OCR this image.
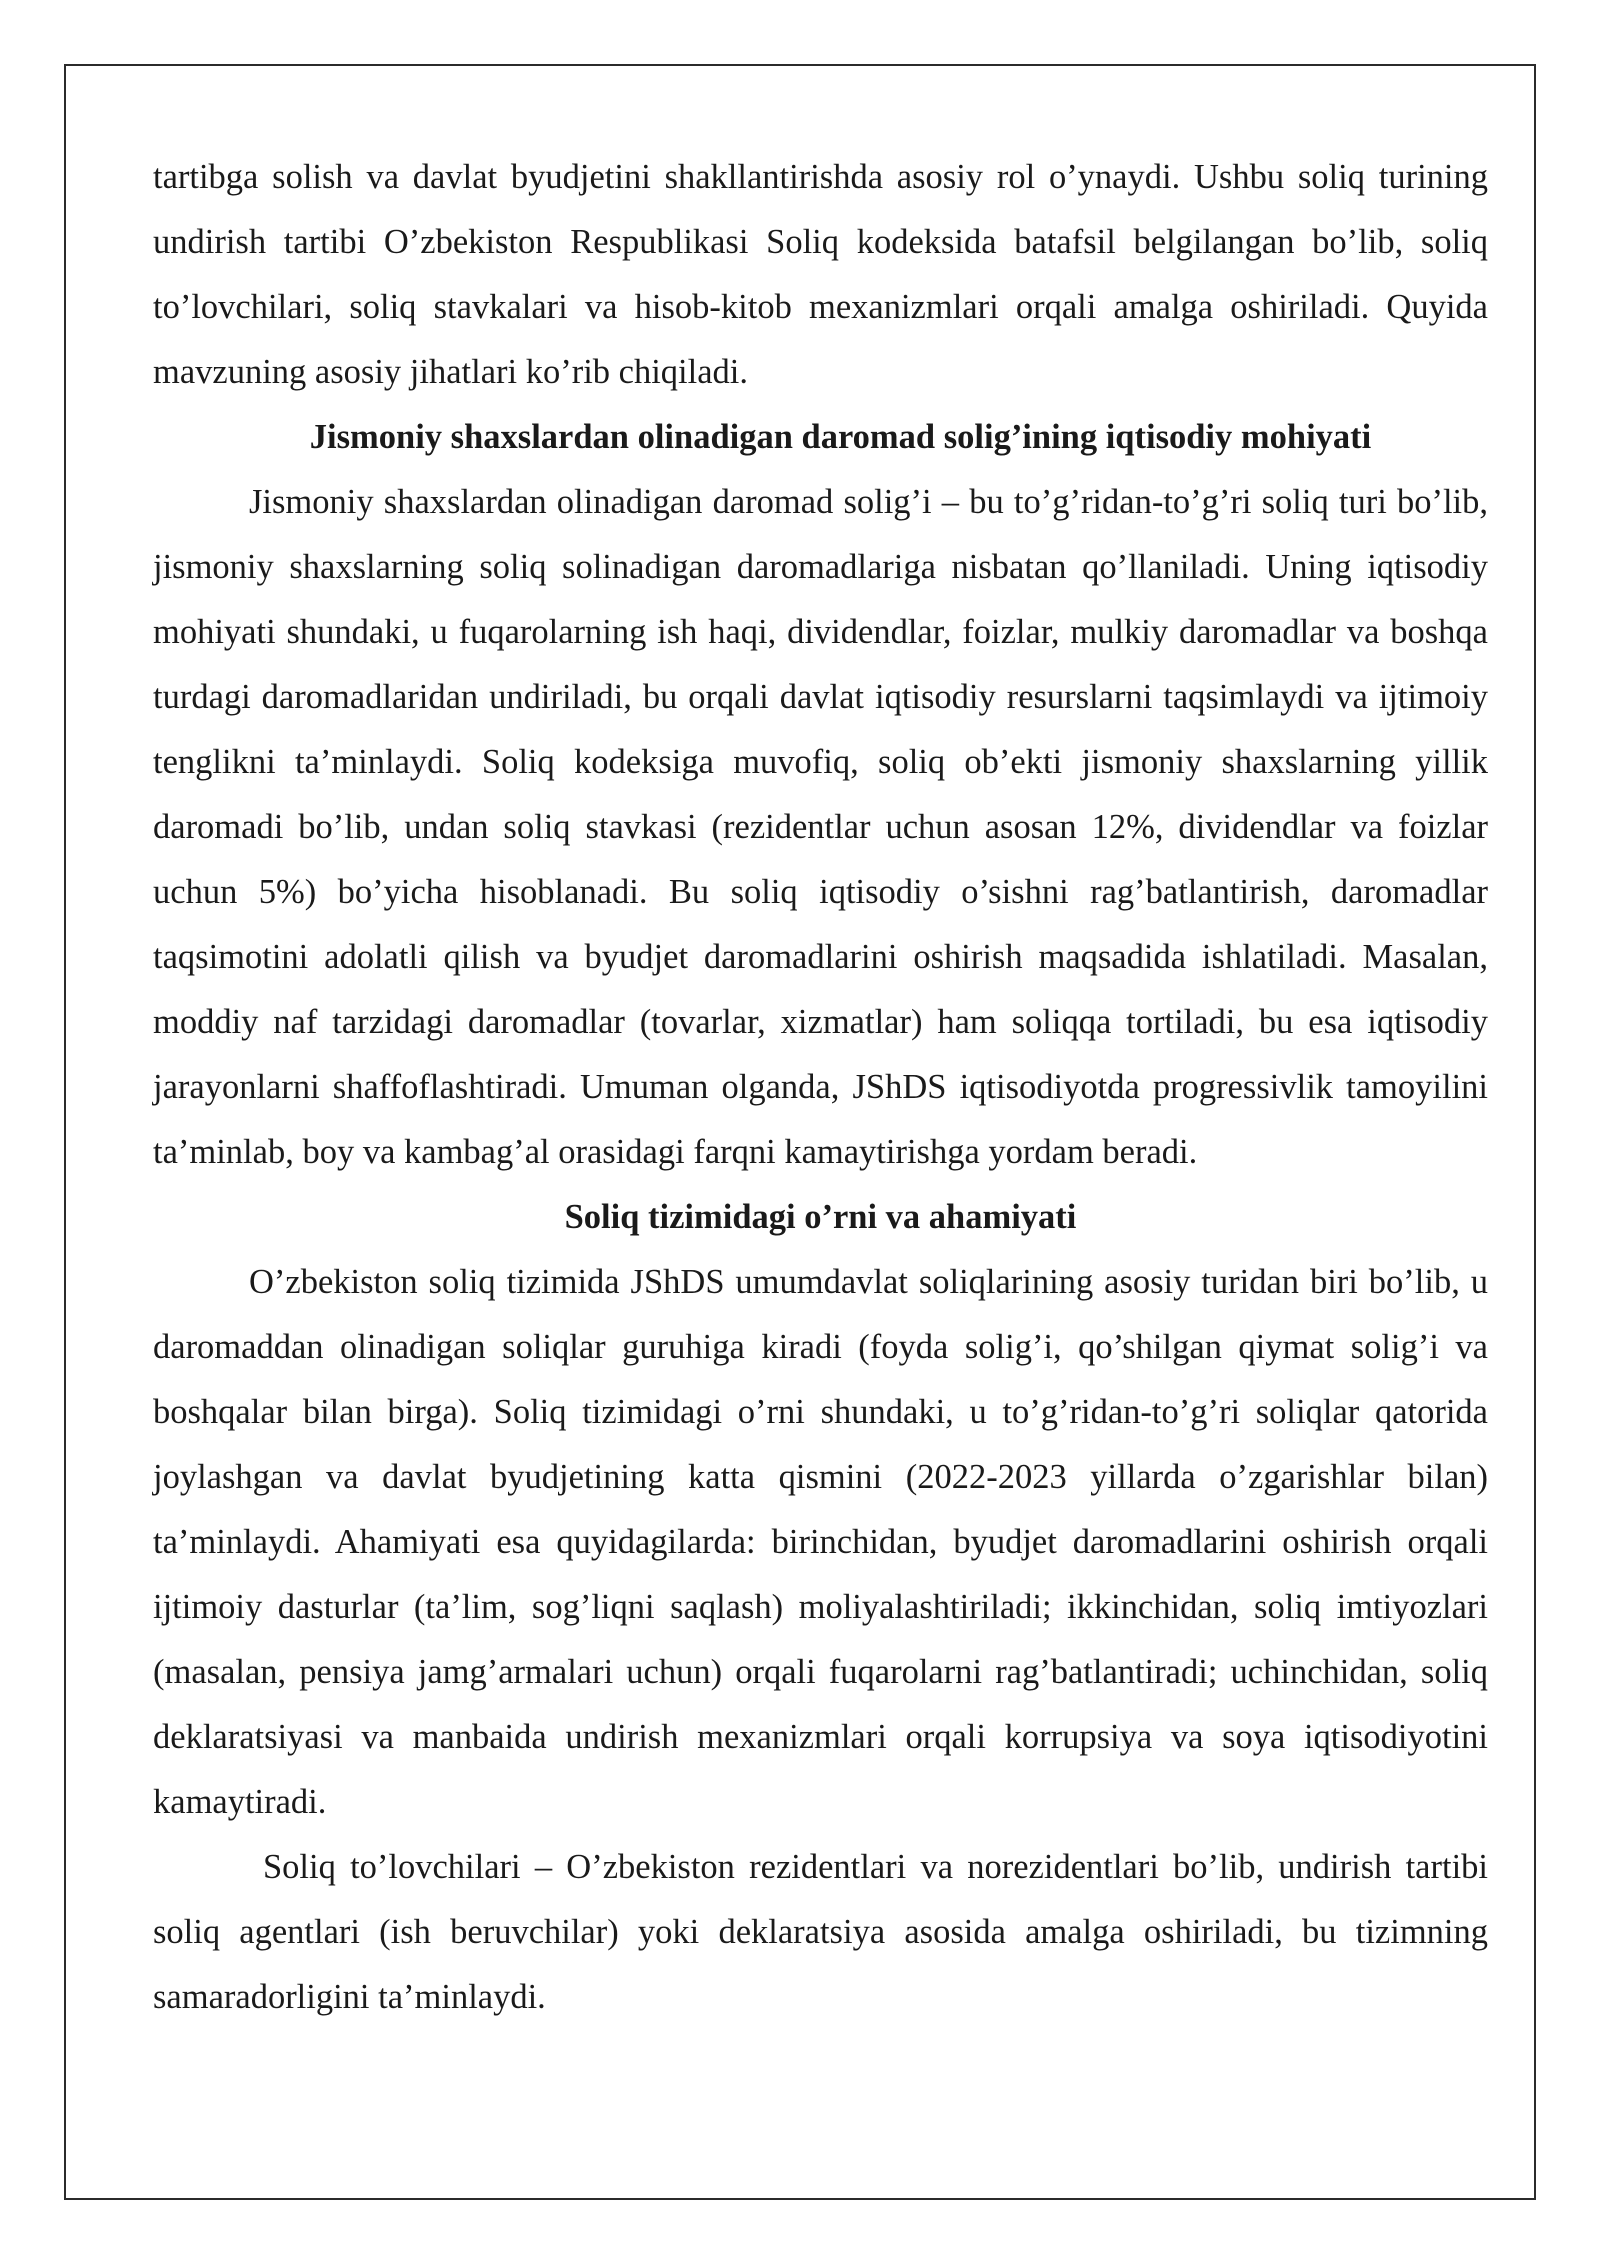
tartibga solish va davlat byudjetini shakllantirishda asosiy rol o’ynaydi. Ushbu soliq turining undirish tartibi O’zbekiston Respublikasi Soliq kodeksida batafsil belgilangan bo’lib, soliq to’lovchilari, soliq stavkalari va hisob-kitob mexanizmlari orqali amalga oshiriladi. Quyida mavzuning asosiy jihatlari ko’rib chiqiladi.

Jismoniy shaxslardan olinadigan daromad solig’ining iqtisodiy mohiyati

Jismoniy shaxslardan olinadigan daromad solig’i – bu to’g’ridan-to’g’ri soliq turi bo’lib, jismoniy shaxslarning soliq solinadigan daromadlariga nisbatan qo’llaniladi. Uning iqtisodiy mohiyati shundaki, u fuqarolarning ish haqi, dividendlar, foizlar, mulkiy daromadlar va boshqa turdagi daromadlaridan undiriladi, bu orqali davlat iqtisodiy resurslarni taqsimlaydi va ijtimoiy tenglikni ta’minlaydi. Soliq kodeksiga muvofiq, soliq ob’ekti jismoniy shaxslarning yillik daromadi bo’lib, undan soliq stavkasi (rezidentlar uchun asosan 12%, dividendlar va foizlar uchun 5%) bo’yicha hisoblanadi. Bu soliq iqtisodiy o’sishni rag’batlantirish, daromadlar taqsimotini adolatli qilish va byudjet daromadlarini oshirish maqsadida ishlatiladi. Masalan, moddiy naf tarzidagi daromadlar (tovarlar, xizmatlar) ham soliqqa tortiladi, bu esa iqtisodiy jarayonlarni shaffoflashtiradi. Umuman olganda, JShDS iqtisodiyotda progressivlik tamoyilini ta’minlab, boy va kambag’al orasidagi farqni kamaytirishga yordam beradi.

Soliq tizimidagi o’rni va ahamiyati

O’zbekiston soliq tizimida JShDS umumdavlat soliqlarining asosiy turidan biri bo’lib, u daromaddan olinadigan soliqlar guruhiga kiradi (foyda solig’i, qo’shilgan qiymat solig’i va boshqalar bilan birga). Soliq tizimidagi o’rni shundaki, u to’g’ridan-to’g’ri soliqlar qatorida joylashgan va davlat byudjetining katta qismini (2022-2023 yillarda o’zgarishlar bilan) ta’minlaydi. Ahamiyati esa quyidagilarda: birinchidan, byudjet daromadlarini oshirish orqali ijtimoiy dasturlar (ta’lim, sog’liqni saqlash) moliyalashtiriladi; ikkinchidan, soliq imtiyozlari (masalan, pensiya jamg’armalari uchun) orqali fuqarolarni rag’batlantiradi; uchinchidan, soliq deklaratsiyasi va manbaida undirish mexanizmlari orqali korrupsiya va soya iqtisodiyotini kamaytiradi.

Soliq to’lovchilari – O’zbekiston rezidentlari va norezidentlari bo’lib, undirish tartibi soliq agentlari (ish beruvchilar) yoki deklaratsiya asosida amalga oshiriladi, bu tizimning samaradorligini ta’minlaydi.
